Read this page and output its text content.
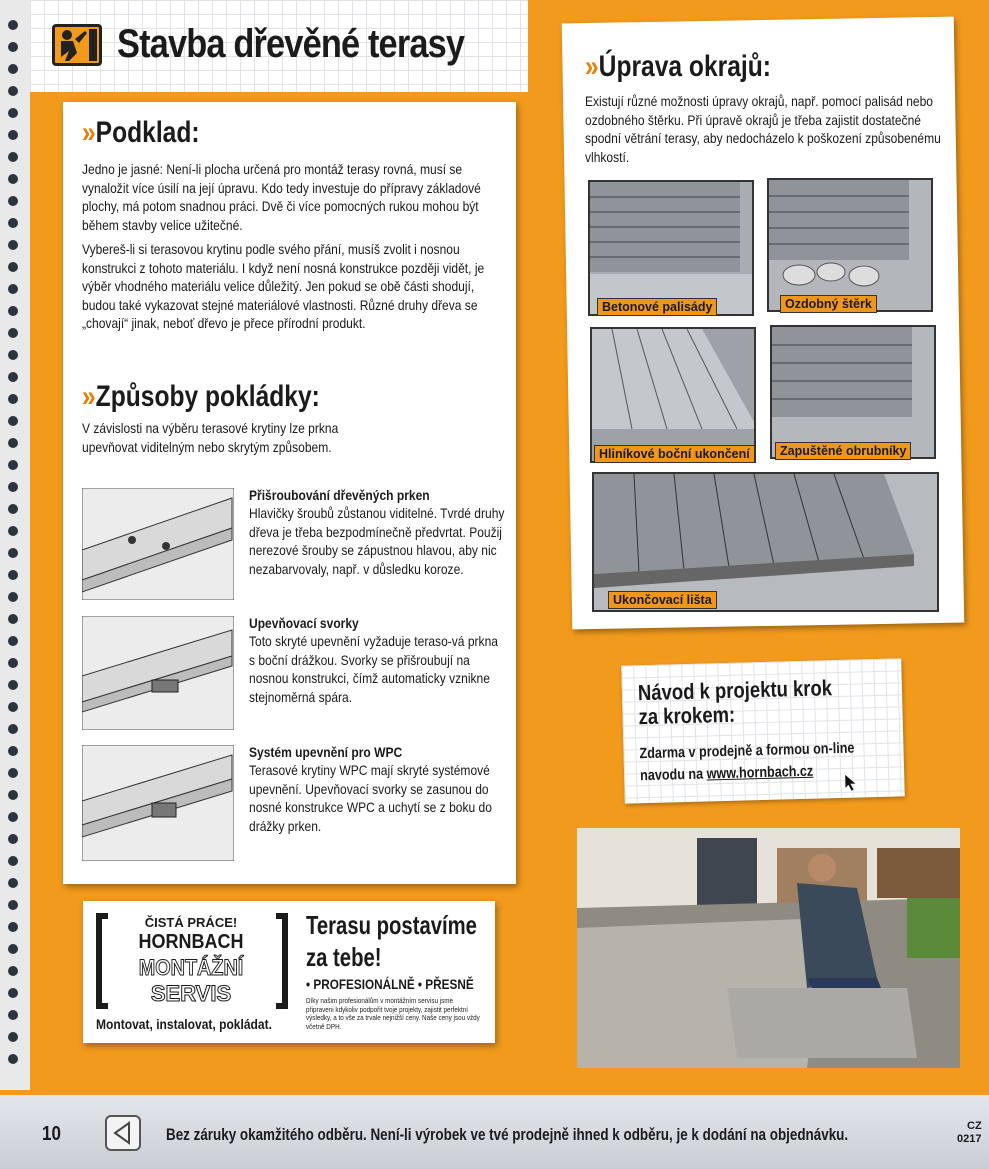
Stavba dřevěné terasy
»Podklad:
Jedno je jasné: Není-li plocha určená pro montáž terasy rovná, musí se vynaložit více úsilí na její úpravu. Kdo tedy investuje do přípravy základové plochy, má potom snadnou práci. Dvě či více pomocných rukou mohou být během stavby velice užitečné.
Vybereš-li si terasovou krytinu podle svého přání, musíš zvolit i nosnou konstrukci z tohoto materiálu. I když není nosná konstrukce později vidět, je výběr vhodného materiálu velice důležitý. Jen pokud se obě části shodují, budou také vykazovat stejné materiálové vlastnosti. Různé druhy dřeva se „chovají“ jinak, neboť dřevo je přece přírodní produkt.
»Způsoby pokládky:
V závislosti na výběru terasové krytiny lze prkna upevňovat viditelným nebo skrytým způsobem.
Přišroubování dřevěných prken
Hlavičky šroubů zůstanou viditelné. Tvrdé druhy dřeva je třeba bezpodmínečně předvrtat. Použij nerezové šrouby se zápustnou hlavou, aby nic nezabarvovaly, např. v důsledku koroze.
Upevňovací svorky
Toto skryté upevnění vyžaduje teraso-vá prkna s boční drážkou. Svorky se přišroubují na nosnou konstrukci, čímž automaticky vznikne stejnoměrná spára.
Systém upevnění pro WPC
Terasové krytiny WPC mají skryté systémové upevnění. Upevňovací svorky se zasunou do nosné konstrukce WPC a uchytí se z boku do drážky prken.
»Úprava okrajů:
Existují různé možnosti úpravy okrajů, např. pomocí palisád nebo ozdobného štěrku. Při úpravě okrajů je třeba zajistit dostatečné spodní větrání terasy, aby nedocházelo k poškození způsobenému vlhkostí.
Betonové palisády	Ozdobný štěrk
Hliníkové boční ukončení	Zapuštěné obrubníky
Ukončovací lišta
Návod k projektu krok za krokem:
Zdarma v prodejně a formou on-line
navodu na www.hornbach.cz
ČISTÁ PRÁCE!
HORNBACH
MONTÁŽNÍ
SERVIS
Montovat, instalovat, pokládat.
Terasu postavíme
za tebe!
• PROFESIONÁLNĚ • PŘESNĚ
Díky našim profesionálům v montážním servisu jsme připraveni kdykoliv podpořit tvoje projekty, zajistit perfektní výsledky, a to vše za trvale nejnižší ceny. Naše ceny jsou vždy včetně DPH.
10	Bez záruky okamžitého odběru. Není-li výrobek ve tvé prodejně ihned k odběru, je k dodání na objednávku.	CZ
0217
